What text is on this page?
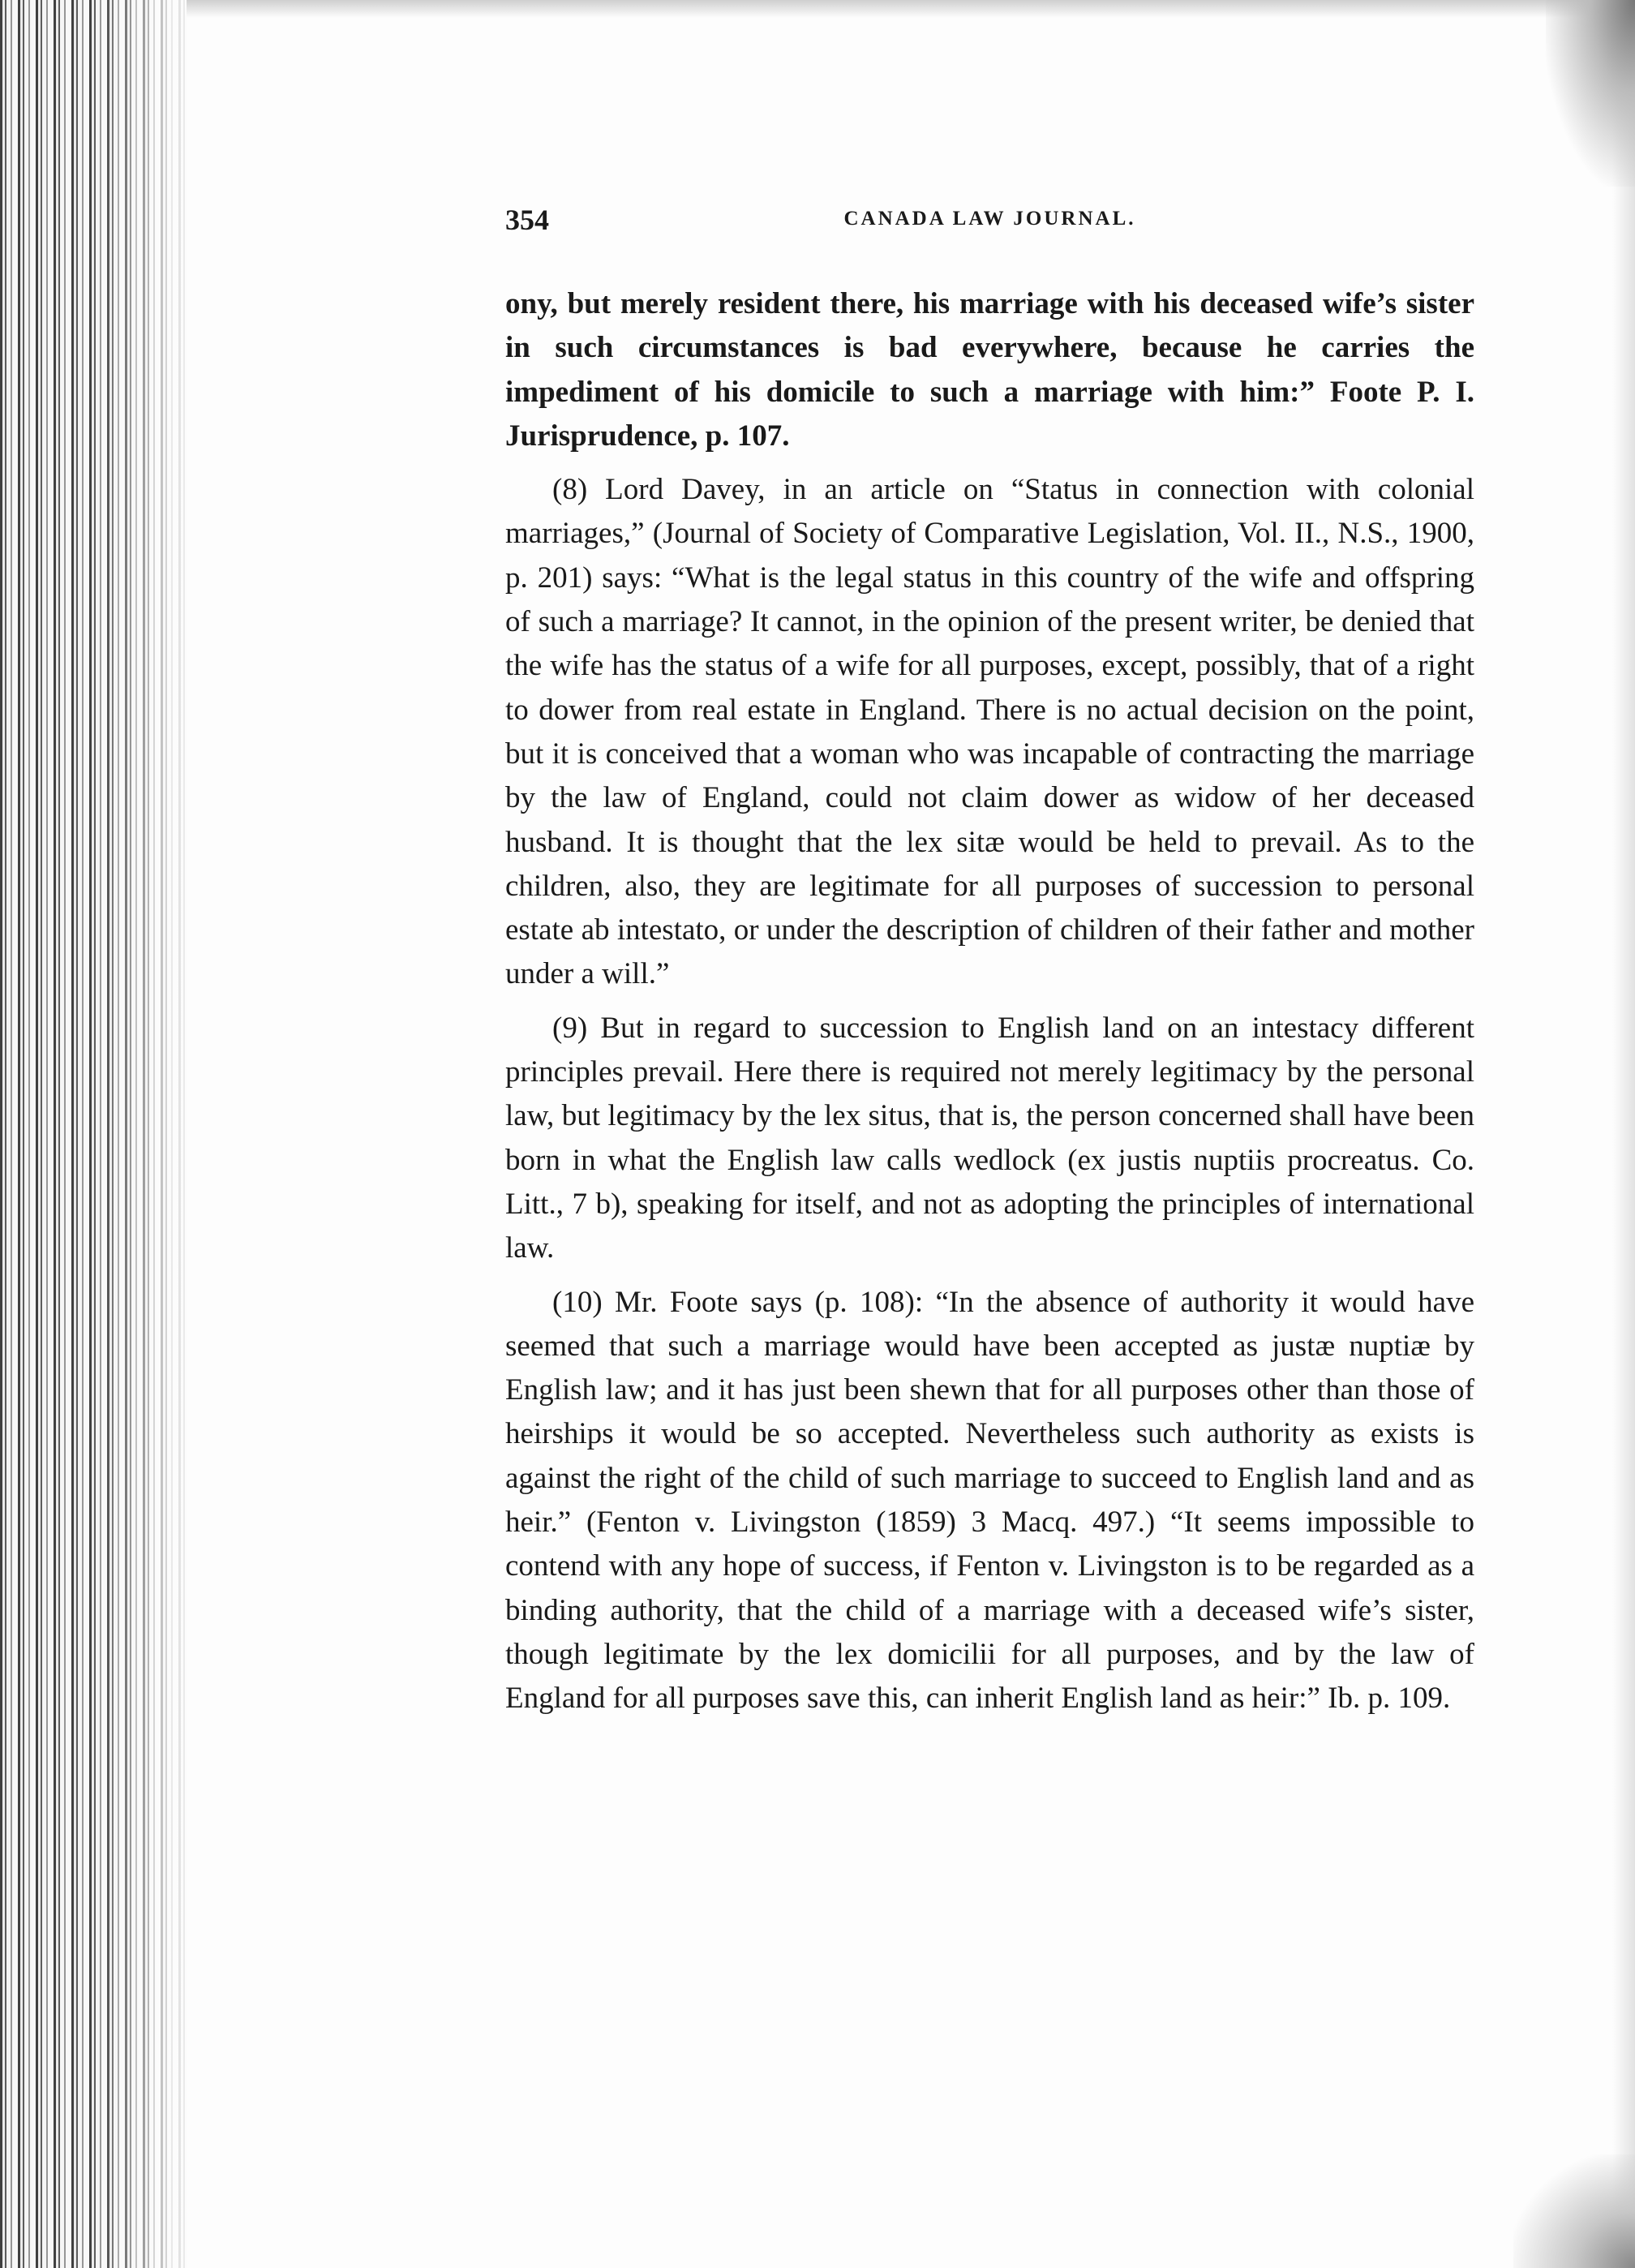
354	CANADA LAW JOURNAL.

ony, but merely resident there, his marriage with his deceased wife’s sister in such circumstances is bad everywhere, because he carries the impediment of his domicile to such a marriage with him:” Foote P. I. Jurisprudence, p. 107.

(8) Lord Davey, in an article on “Status in connection with colonial marriages,” (Journal of Society of Comparative Legislation, Vol. II., N.S., 1900, p. 201) says: “What is the legal status in this country of the wife and offspring of such a marriage? It cannot, in the opinion of the present writer, be denied that the wife has the status of a wife for all purposes, except, possibly, that of a right to dower from real estate in England. There is no actual decision on the point, but it is conceived that a woman who was incapable of contracting the marriage by the law of England, could not claim dower as widow of her deceased husband. It is thought that the lex sitæ would be held to prevail. As to the children, also, they are legitimate for all purposes of succession to personal estate ab intestato, or under the description of children of their father and mother under a will.”

(9) But in regard to succession to English land on an intestacy different principles prevail. Here there is required not merely legitimacy by the personal law, but legitimacy by the lex situs, that is, the person concerned shall have been born in what the English law calls wedlock (ex justis nuptiis procreatus. Co. Litt., 7 b), speaking for itself, and not as adopting the principles of international law.

(10) Mr. Foote says (p. 108): “In the absence of authority it would have seemed that such a marriage would have been accepted as justæ nuptiæ by English law; and it has just been shewn that for all purposes other than those of heirships it would be so accepted. Nevertheless such authority as exists is against the right of the child of such marriage to succeed to English land and as heir.” (Fenton v. Livingston (1859) 3 Macq. 497.) “It seems impossible to contend with any hope of success, if Fenton v. Livingston is to be regarded as a binding authority, that the child of a marriage with a deceased wife’s sister, though legitimate by the lex domicilii for all purposes, and by the law of England for all purposes save this, can inherit English land as heir:” Ib. p. 109.
